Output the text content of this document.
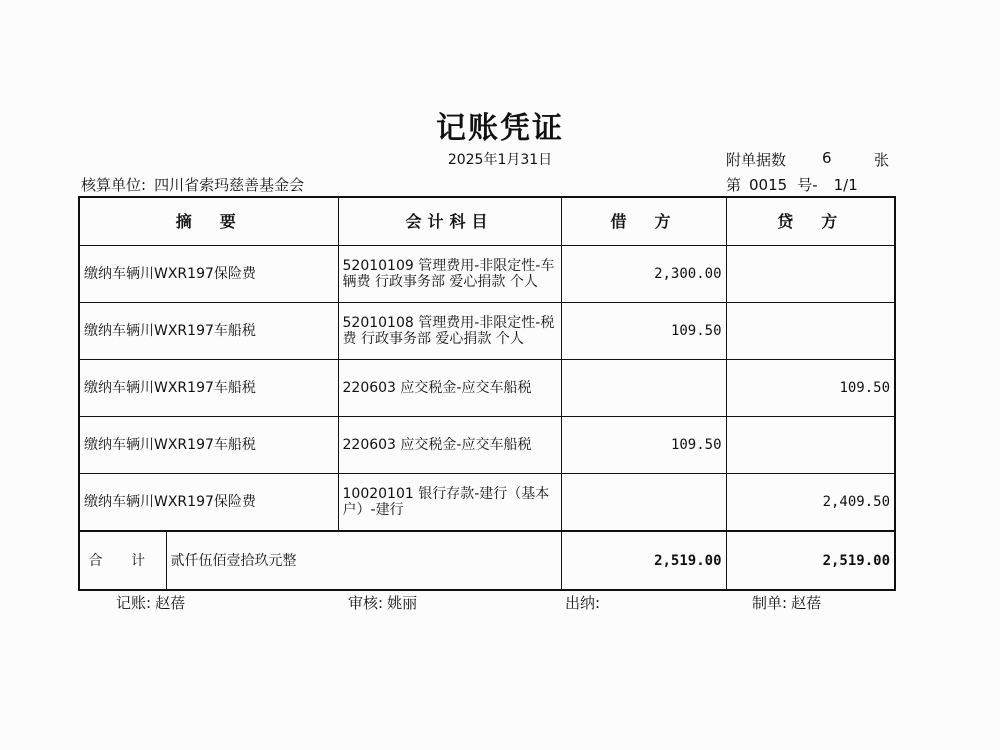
记账凭证
2025年1月31日	附单据数 6	张
核算单位: 四川省索玛慈善基金会	第 0015 号- 1/1
摘　要		会计科目	借　方	贷　方
缴纳车辆川WXR197保险费		52010109 管理费用-非限定性-车辆费 行政事务部 爱心捐款 个人	2,300.00	
缴纳车辆川WXR197车船税		52010108 管理费用-非限定性-税费 行政事务部 爱心捐款 个人	109.50	
缴纳车辆川WXR197车船税		220603 应交税金-应交车船税		109.50
缴纳车辆川WXR197车船税		220603 应交税金-应交车船税	109.50	
缴纳车辆川WXR197保险费		10020101 银行存款-建行（基本户）-建行		2,409.50
合 计	贰仟伍佰壹拾玖元整		2,519.00	2,519.00
记账: 赵蓓	审核: 姚丽	出纳:	制单: 赵蓓
